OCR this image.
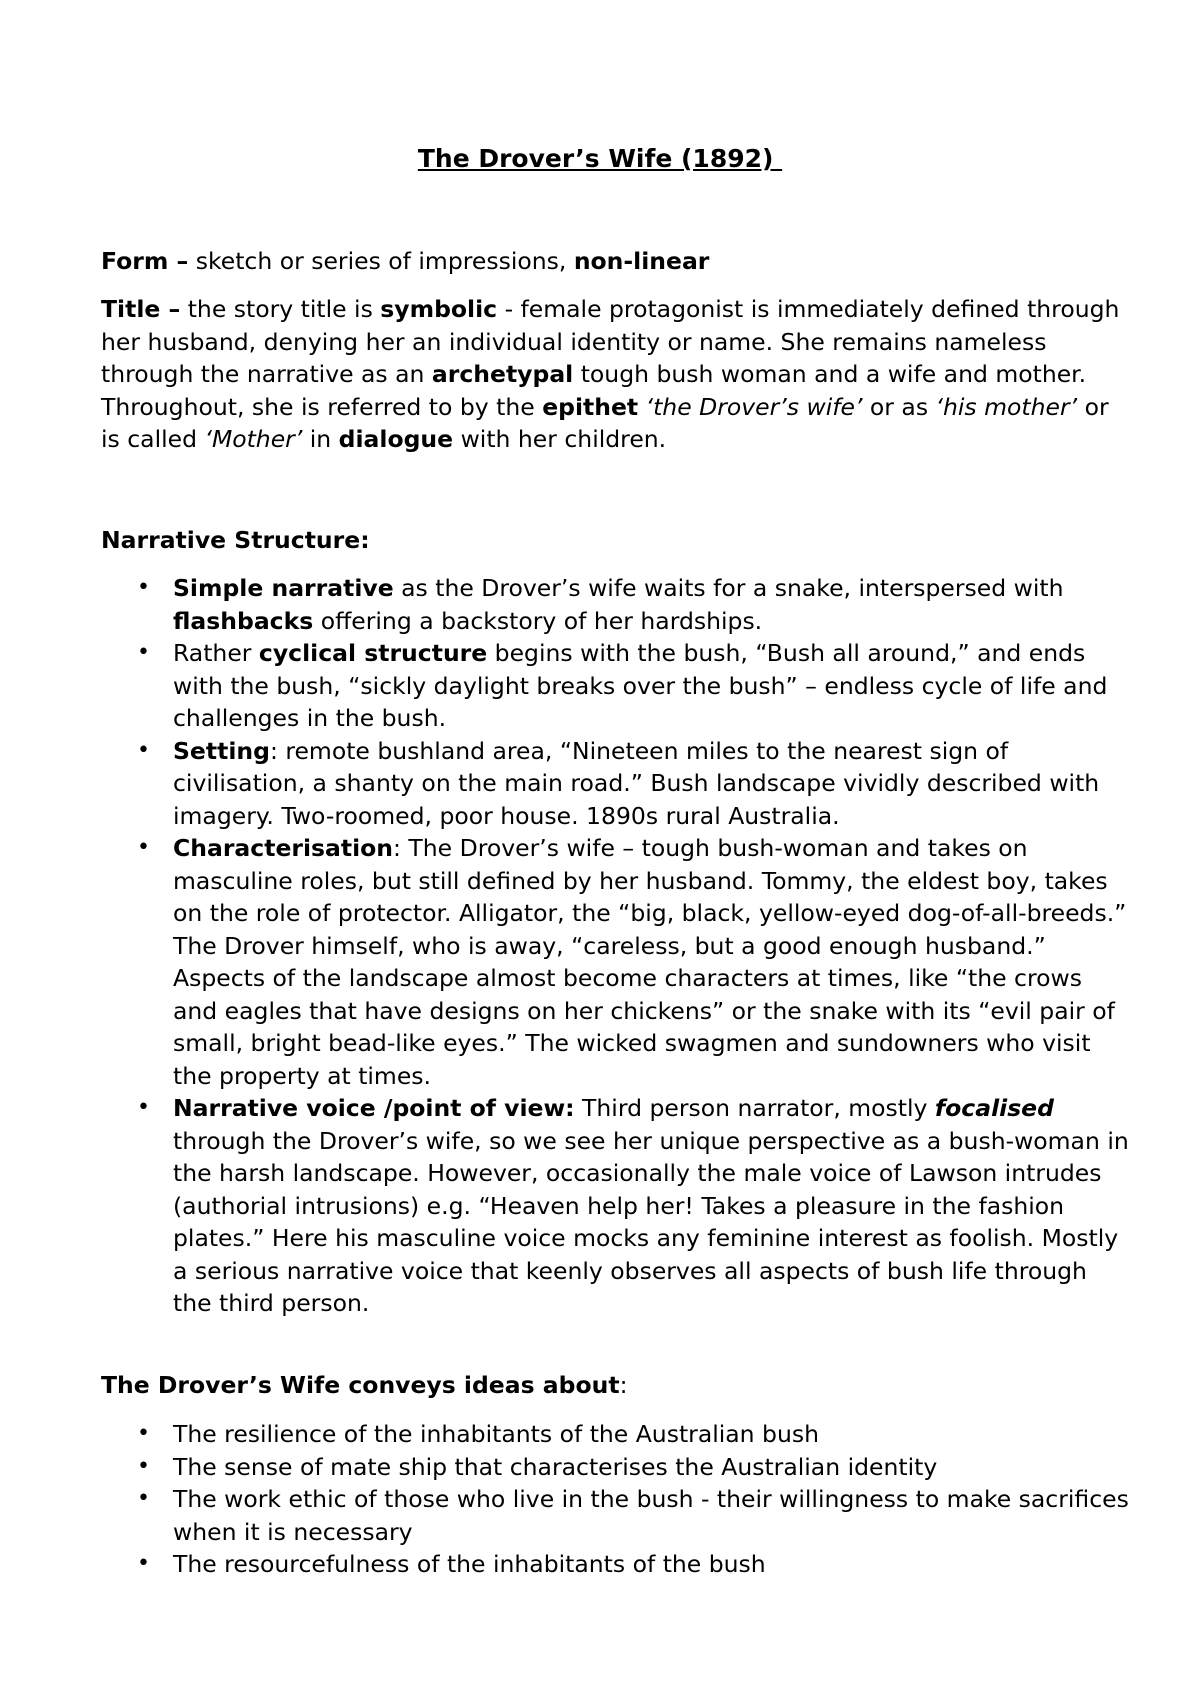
The Drover’s Wife (1892)

Form – sketch or series of impressions, non-linear

Title – the story title is symbolic - female protagonist is immediately defined through her husband, denying her an individual identity or name. She remains nameless through the narrative as an archetypal tough bush woman and a wife and mother. Throughout, she is referred to by the epithet ‘the Drover’s wife’ or as ‘his mother’ or is called ‘Mother’ in dialogue with her children.

Narrative Structure:

• Simple narrative as the Drover’s wife waits for a snake, interspersed with flashbacks offering a backstory of her hardships.
• Rather cyclical structure begins with the bush, “Bush all around,” and ends with the bush, “sickly daylight breaks over the bush” – endless cycle of life and challenges in the bush.
• Setting: remote bushland area, “Nineteen miles to the nearest sign of civilisation, a shanty on the main road.” Bush landscape vividly described with imagery. Two-roomed, poor house. 1890s rural Australia.
• Characterisation: The Drover’s wife – tough bush-woman and takes on masculine roles, but still defined by her husband. Tommy, the eldest boy, takes on the role of protector. Alligator, the “big, black, yellow-eyed dog-of-all-breeds.” The Drover himself, who is away, “careless, but a good enough husband.” Aspects of the landscape almost become characters at times, like “the crows and eagles that have designs on her chickens” or the snake with its “evil pair of small, bright bead-like eyes.” The wicked swagmen and sundowners who visit the property at times.
• Narrative voice /point of view: Third person narrator, mostly focalised through the Drover’s wife, so we see her unique perspective as a bush-woman in the harsh landscape. However, occasionally the male voice of Lawson intrudes (authorial intrusions) e.g. “Heaven help her! Takes a pleasure in the fashion plates.” Here his masculine voice mocks any feminine interest as foolish. Mostly a serious narrative voice that keenly observes all aspects of bush life through the third person.

The Drover’s Wife conveys ideas about:

• The resilience of the inhabitants of the Australian bush
• The sense of mate ship that characterises the Australian identity
• The work ethic of those who live in the bush - their willingness to make sacrifices when it is necessary
• The resourcefulness of the inhabitants of the bush
